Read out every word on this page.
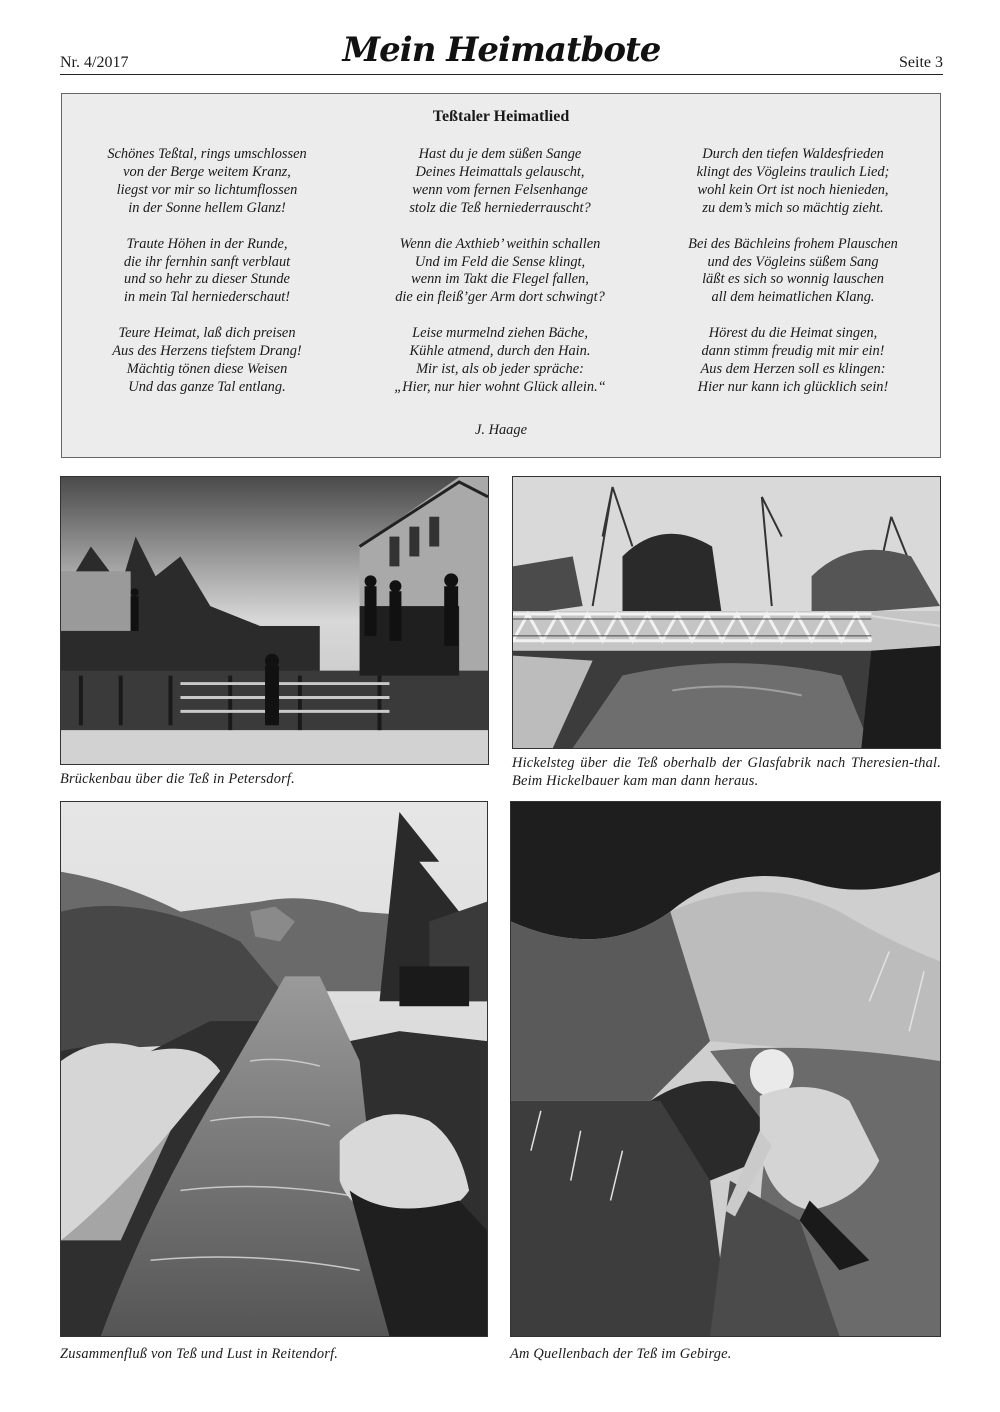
Nr. 4/2017	Mein Heimatbote	Seite 3
Teßtaler Heimatlied
Schönes Teßtal, rings umschlossen
von der Berge weitem Kranz,
liegst vor mir so lichtumflossen
in der Sonne hellem Glanz!
Traute Höhen in der Runde,
die ihr fernhin sanft verblaut
und so hehr zu dieser Stunde
in mein Tal herniederschaut!
Teure Heimat, laß dich preisen
Aus des Herzens tiefstem Drang!
Mächtig tönen diese Weisen
Und das ganze Tal entlang.
Hast du je dem süßen Sange
Deines Heimattals gelauscht,
wenn vom fernen Felsenhange
stolz die Teß herniederrauscht?
Wenn die Axthieb’ weithin schallen
Und im Feld die Sense klingt,
wenn im Takt die Flegel fallen,
die ein fleiß’ger Arm dort schwingt?
Leise murmelnd ziehen Bäche,
Kühle atmend, durch den Hain.
Mir ist, als ob jeder spräche:
„Hier, nur hier wohnt Glück allein.“
Durch den tiefen Waldesfrieden
klingt des Vögleins traulich Lied;
wohl kein Ort ist noch hienieden,
zu dem’s mich so mächtig zieht.
Bei des Bächleins frohem Plauschen
und des Vögleins süßem Sang
läßt es sich so wonnig lauschen
all dem heimatlichen Klang.
Hörest du die Heimat singen,
dann stimm freudig mit mir ein!
Aus dem Herzen soll es klingen:
Hier nur kann ich glücklich sein!
J. Haage
Brückenbau über die Teß in Petersdorf.
Hickelsteg über die Teß oberhalb der Glasfabrik nach Theresien-thal. Beim Hickelbauer kam man dann heraus.
Zusammenfluß von Teß und Lust in Reitendorf.	Am Quellenbach der Teß im Gebirge.
